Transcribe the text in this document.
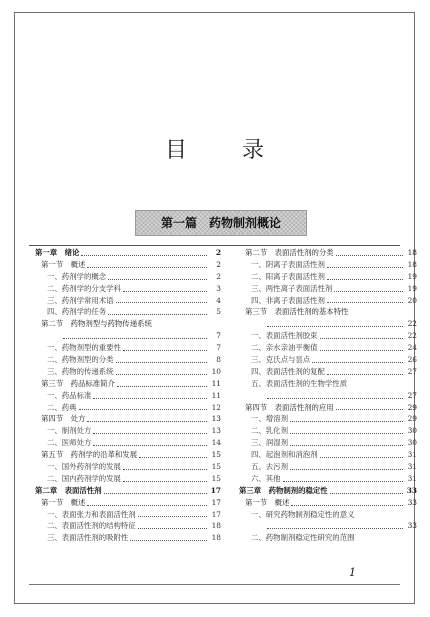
目 录
第一篇　药物制剂概论
第一章　绪论	2
第一节　概述	2
一、药剂学的概念	2
二、药剂学的分支学科	3
三、药剂学常用术语	4
四、药剂学的任务	5
第二节　药物剂型与药物传递系统
7
一、药物剂型的重要性	7
二、药物剂型的分类	8
三、药物的传递系统	10
第三节　药品标准简介	11
一、药品标准	11
二、药典	12
第四节　处方	13
一、制剂处方	13
二、医师处方	14
第五节　药剂学的沿革和发展	15
一、国外药剂学的发展	15
二、国内药剂学的发展	15
第二章　表面活性剂	17
第一节　概述	17
一、表面张力和表面活性剂	17
二、表面活性剂的结构特征	18
三、表面活性剂的吸附性	18
第二节　表面活性剂的分类	18
一、阴离子表面活性剂	18
二、阳离子表面活性剂	19
三、两性离子表面活性剂	19
四、非离子表面活性剂	20
第三节　表面活性剂的基本特性
22
一、表面活性剂胶束	22
二、亲水亲油平衡值	24
三、克氏点与昙点	26
四、表面活性剂的复配	27
五、表面活性剂的生物学性质
27
第四节　表面活性剂的应用	29
一、增溶剂	29
二、乳化剂	30
三、润湿剂	30
四、起泡剂和消泡剂	31
五、去污剂	31
六、其他	31
第三章　药物制剂的稳定性	33
第一节　概述	33
一、研究药物制剂稳定性的意义
33
二、药物制剂稳定性研究的范围
1
